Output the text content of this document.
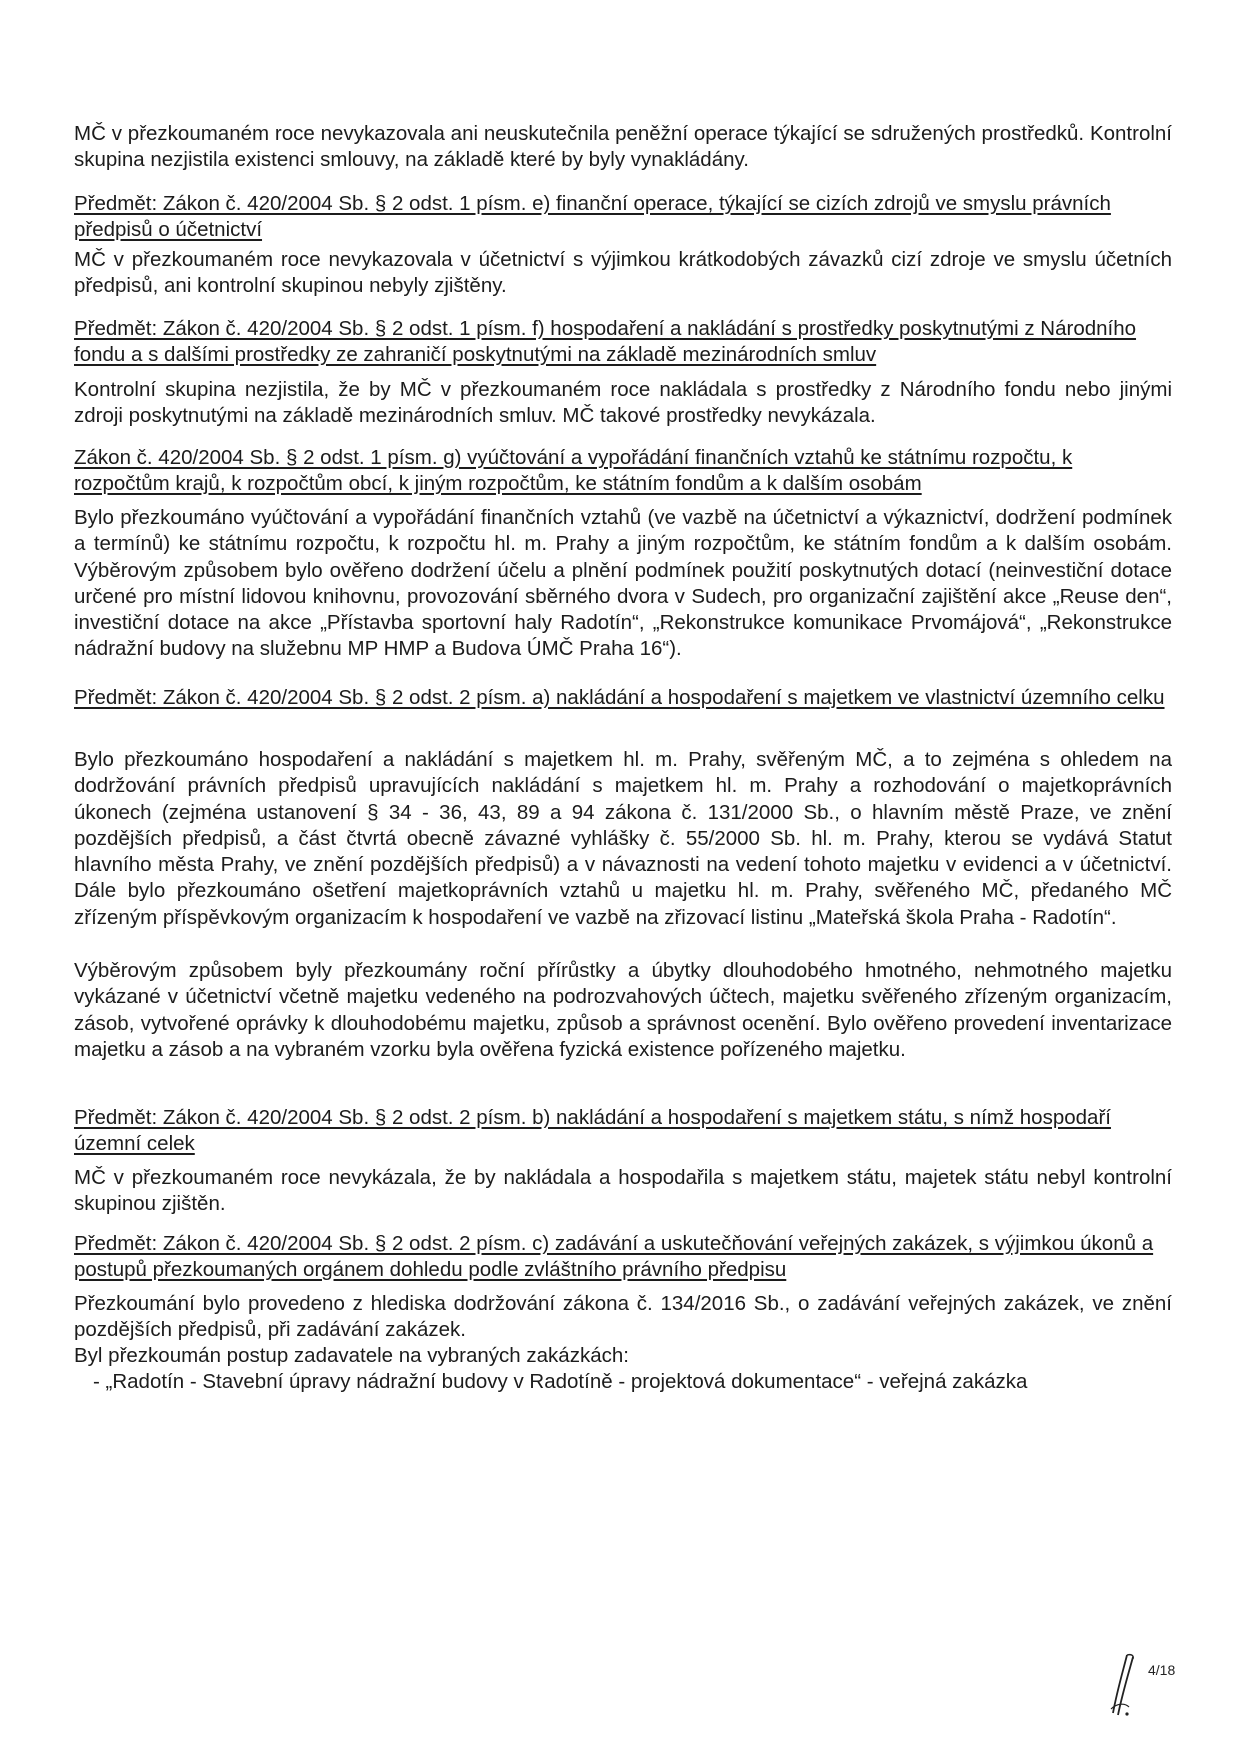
MČ v přezkoumaném roce nevykazovala ani neuskutečnila peněžní operace týkající se sdružených prostředků. Kontrolní skupina nezjistila existenci smlouvy, na základě které by byly vynakládány.

Předmět: Zákon č. 420/2004 Sb. § 2 odst. 1 písm. e) finanční operace, týkající se cizích zdrojů ve smyslu právních předpisů o účetnictví

MČ v přezkoumaném roce nevykazovala v účetnictví s výjimkou krátkodobých závazků cizí zdroje ve smyslu účetních předpisů, ani kontrolní skupinou nebyly zjištěny.

Předmět: Zákon č. 420/2004 Sb. § 2 odst. 1 písm. f) hospodaření a nakládání s prostředky poskytnutými z Národního fondu a s dalšími prostředky ze zahraničí poskytnutými na základě mezinárodních smluv

Kontrolní skupina nezjistila, že by MČ v přezkoumaném roce nakládala s prostředky z Národního fondu nebo jinými zdroji poskytnutými na základě mezinárodních smluv. MČ takové prostředky nevykázala.

Zákon č. 420/2004 Sb. § 2 odst. 1 písm. g) vyúčtování a vypořádání finančních vztahů ke státnímu rozpočtu, k rozpočtům krajů, k rozpočtům obcí, k jiným rozpočtům, ke státním fondům a k dalším osobám

Bylo přezkoumáno vyúčtování a vypořádání finančních vztahů (ve vazbě na účetnictví a výkaznictví, dodržení podmínek a termínů) ke státnímu rozpočtu, k rozpočtu hl. m. Prahy a jiným rozpočtům, ke státním fondům a k dalším osobám. Výběrovým způsobem bylo ověřeno dodržení účelu a plnění podmínek použití poskytnutých dotací (neinvestiční dotace určené pro místní lidovou knihovnu, provozování sběrného dvora v Sudech, pro organizační zajištění akce „Reuse den“, investiční dotace na akce „Přístavba sportovní haly Radotín“, „Rekonstrukce komunikace Prvomájová“, „Rekonstrukce nádražní budovy na služebnu MP HMP a Budova ÚMČ Praha 16“).

Předmět: Zákon č. 420/2004 Sb. § 2 odst. 2 písm. a) nakládání a hospodaření s majetkem ve vlastnictví územního celku

Bylo přezkoumáno hospodaření a nakládání s majetkem hl. m. Prahy, svěřeným MČ, a to zejména s ohledem na dodržování právních předpisů upravujících nakládání s majetkem hl. m. Prahy a rozhodování o majetkoprávních úkonech (zejména ustanovení § 34 - 36, 43, 89 a 94 zákona č. 131/2000 Sb., o hlavním městě Praze, ve znění pozdějších předpisů, a část čtvrtá obecně závazné vyhlášky č. 55/2000 Sb. hl. m. Prahy, kterou se vydává Statut hlavního města Prahy, ve znění pozdějších předpisů) a v návaznosti na vedení tohoto majetku v evidenci a v účetnictví. Dále bylo přezkoumáno ošetření majetkoprávních vztahů u majetku hl. m. Prahy, svěřeného MČ, předaného MČ zřízeným příspěvkovým organizacím k hospodaření ve vazbě na zřizovací listinu „Mateřská škola Praha - Radotín“.

Výběrovým způsobem byly přezkoumány roční přírůstky a úbytky dlouhodobého hmotného, nehmotného majetku vykázané v účetnictví včetně majetku vedeného na podrozvahových účtech, majetku svěřeného zřízeným organizacím, zásob, vytvořené oprávky k dlouhodobému majetku, způsob a správnost ocenění. Bylo ověřeno provedení inventarizace majetku a zásob a na vybraném vzorku byla ověřena fyzická existence pořízeného majetku.

Předmět: Zákon č. 420/2004 Sb. § 2 odst. 2 písm. b) nakládání a hospodaření s majetkem státu, s nímž hospodaří územní celek

MČ v přezkoumaném roce nevykázala, že by nakládala a hospodařila s majetkem státu, majetek státu nebyl kontrolní skupinou zjištěn.

Předmět: Zákon č. 420/2004 Sb. § 2 odst. 2 písm. c) zadávání a uskutečňování veřejných zakázek, s výjimkou úkonů a postupů přezkoumaných orgánem dohledu podle zvláštního právního předpisu

Přezkoumání bylo provedeno z hlediska dodržování zákona č. 134/2016 Sb., o zadávání veřejných zakázek, ve znění pozdějších předpisů, při zadávání zakázek.

Byl přezkoumán postup zadavatele na vybraných zakázkách:

- „Radotín - Stavební úpravy nádražní budovy v Radotíně - projektová dokumentace“ - veřejná zakázka

4/18
